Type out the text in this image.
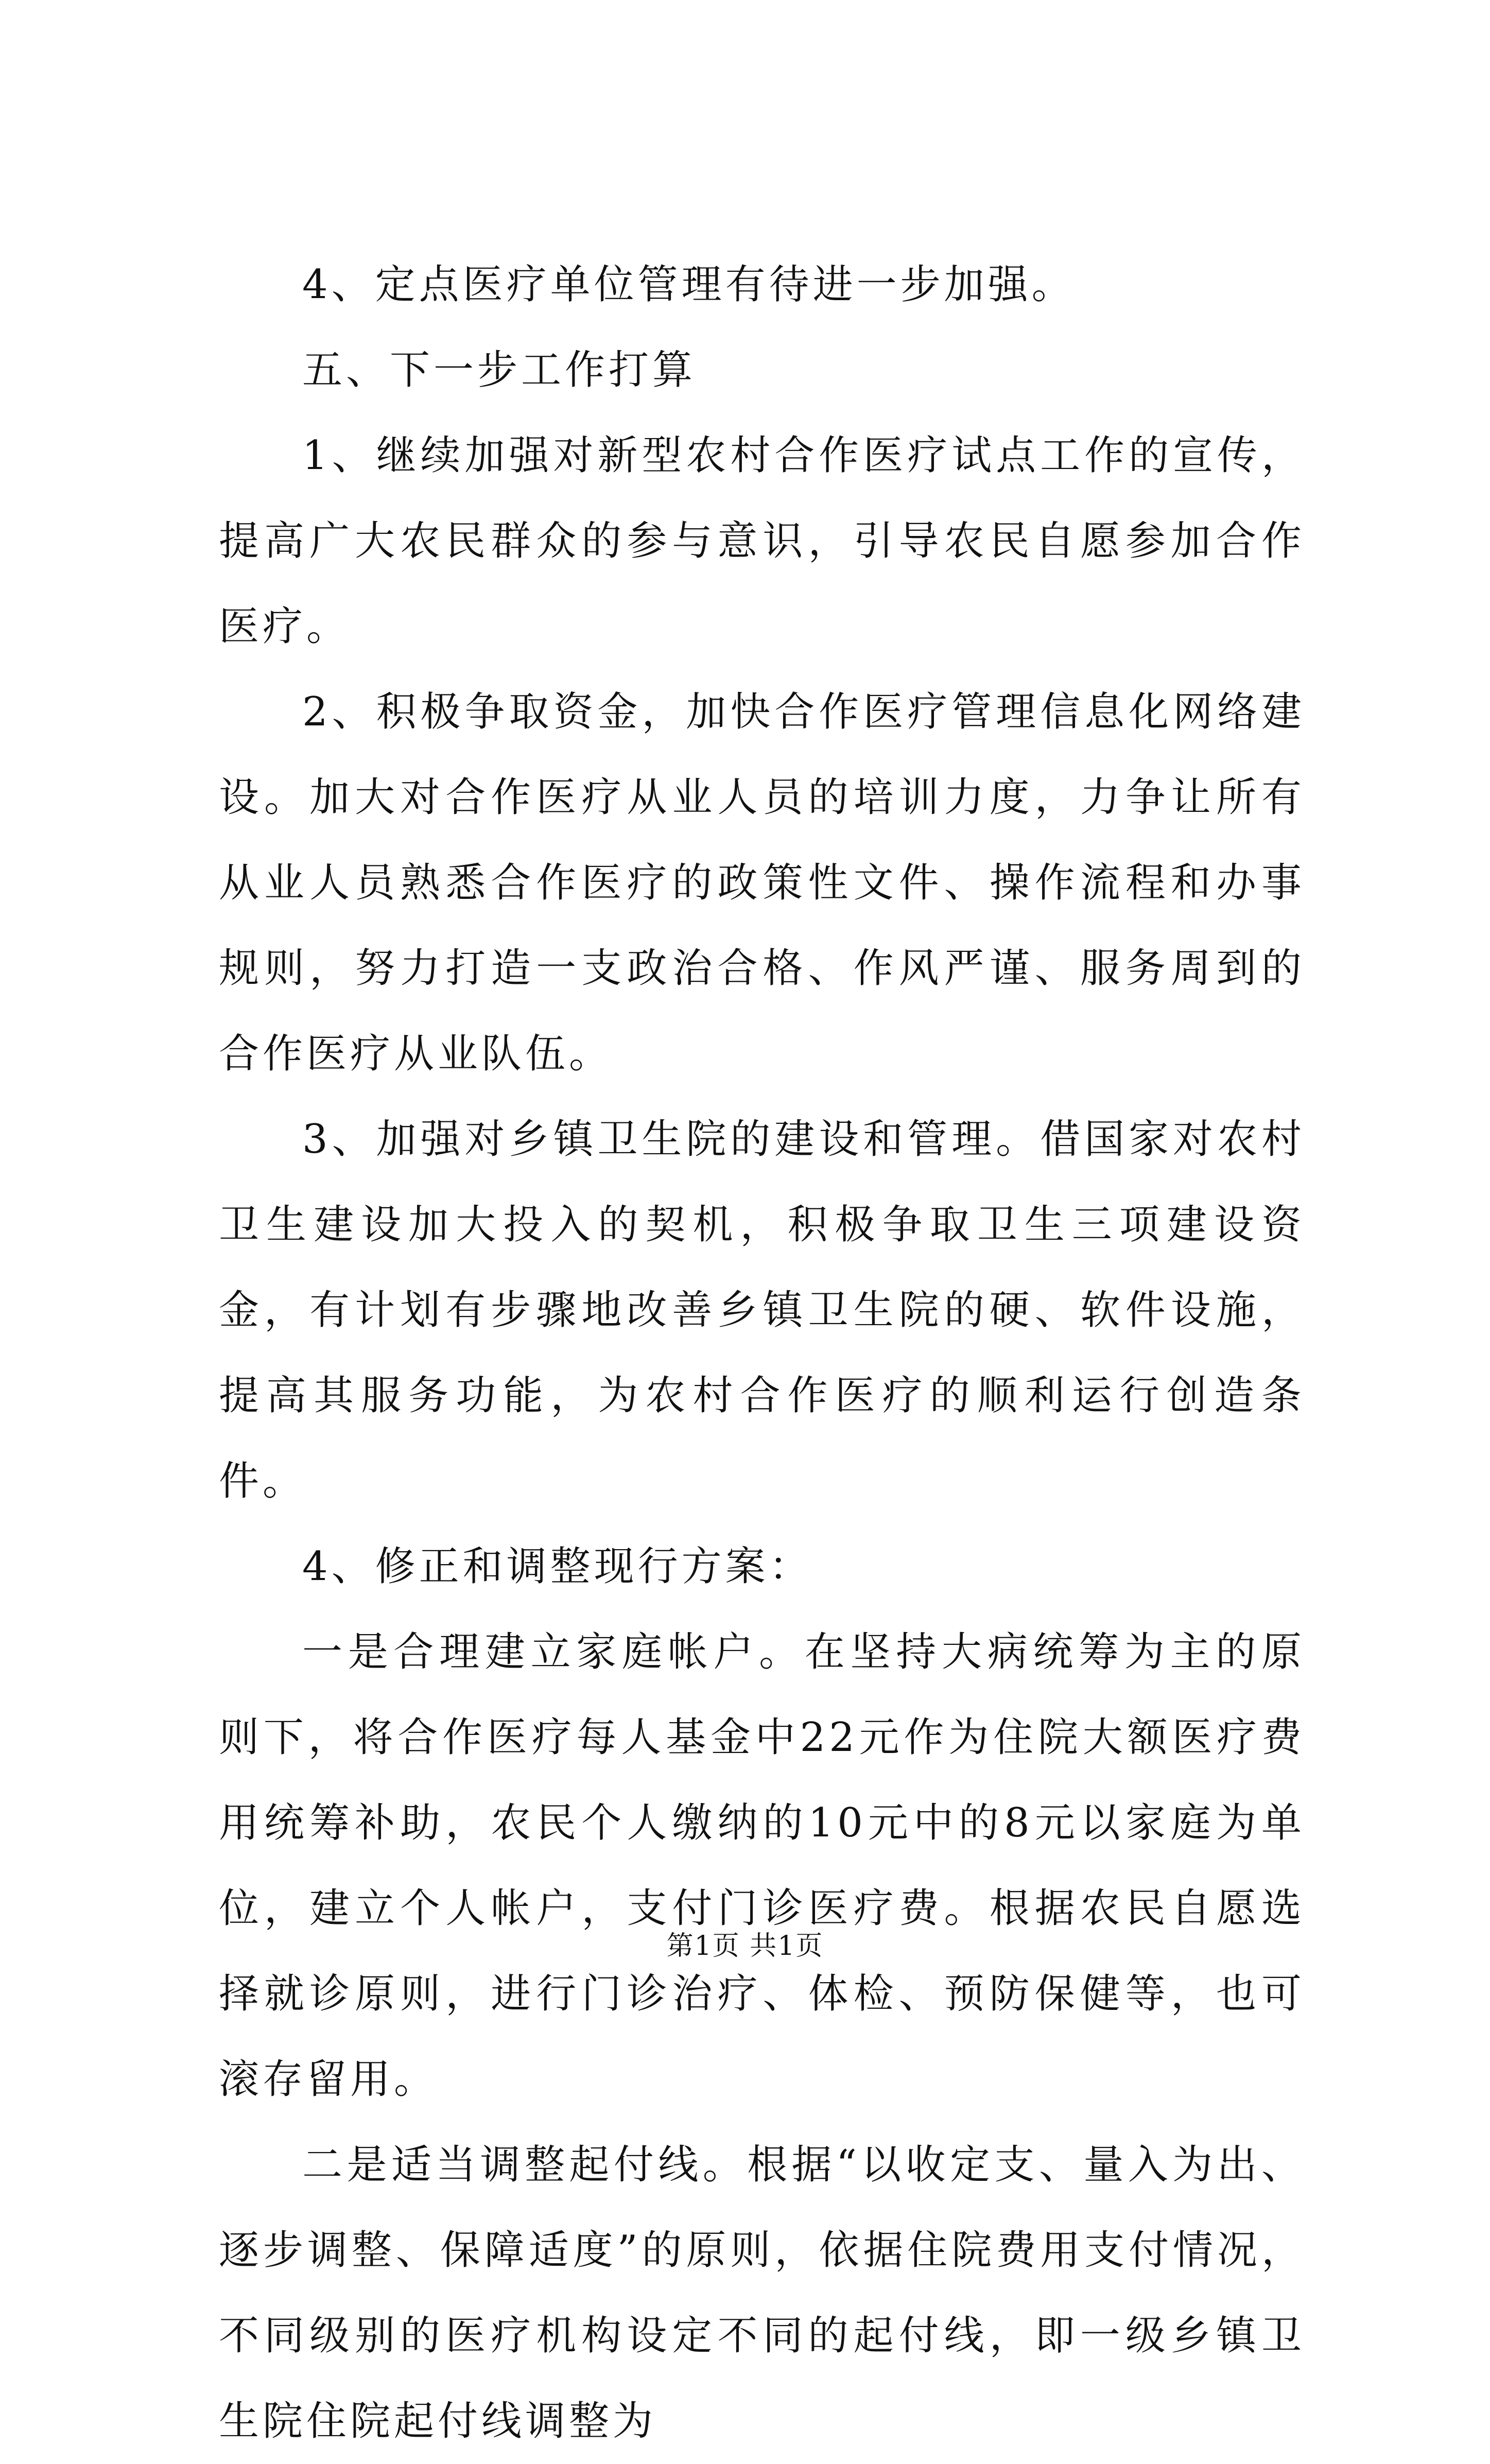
4、定点医疗单位管理有待进一步加强。

五、下一步工作打算

1、继续加强对新型农村合作医疗试点工作的宣传，提高广大农民群众的参与意识，引导农民自愿参加合作医疗。

2、积极争取资金，加快合作医疗管理信息化网络建设。加大对合作医疗从业人员的培训力度，力争让所有从业人员熟悉合作医疗的政策性文件、操作流程和办事规则，努力打造一支政治合格、作风严谨、服务周到的合作医疗从业队伍。

3、加强对乡镇卫生院的建设和管理。借国家对农村卫生建设加大投入的契机，积极争取卫生三项建设资金，有计划有步骤地改善乡镇卫生院的硬、软件设施，提高其服务功能，为农村合作医疗的顺利运行创造条件。

4、修正和调整现行方案：

一是合理建立家庭帐户。在坚持大病统筹为主的原则下，将合作医疗每人基金中22元作为住院大额医疗费用统筹补助，农民个人缴纳的10元中的8元以家庭为单位，建立个人帐户，支付门诊医疗费。根据农民自愿选择就诊原则，进行门诊治疗、体检、预防保健等，也可滚存留用。

二是适当调整起付线。根据“以收定支、量入为出、逐步调整、保障适度”的原则，依据住院费用支付情况，不同级别的医疗机构设定不同的起付线，即一级乡镇卫生院住院起付线调整为

第1页 共1页
